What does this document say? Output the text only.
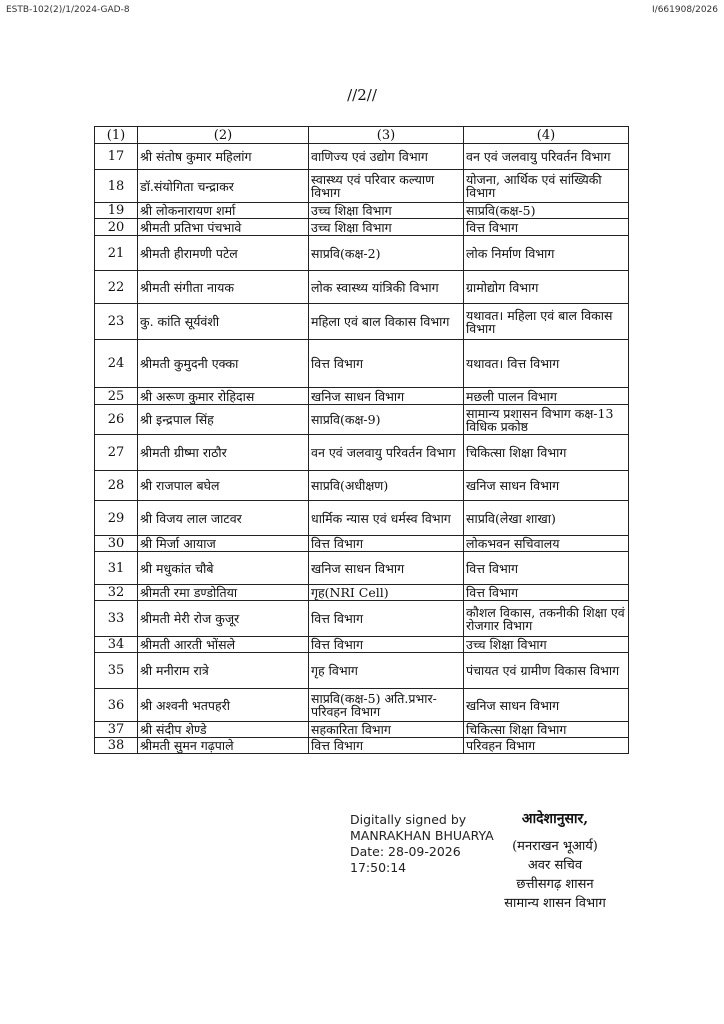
ESTB-102(2)/1/2024-GAD-8	I/661908/2026
//2//
(1)	(2)	(3)	(4)
17	श्री संतोष कुमार महिलांग	वाणिज्य एवं उद्योग विभाग	वन एवं जलवायु परिवर्तन विभाग
18	डॉ.संयोगिता चन्द्राकर	स्वास्थ्य एवं परिवार कल्याण विभाग	योजना, आर्थिक एवं सांख्यिकी विभाग
19	श्री लोकनारायण शर्मा	उच्च शिक्षा विभाग	साप्रवि(कक्ष-5)
20	श्रीमती प्रतिभा पंचभावे	उच्च शिक्षा विभाग	वित्त विभाग
21	श्रीमती हीरामणी पटेल	साप्रवि(कक्ष-2)	लोक निर्माण विभाग
22	श्रीमती संगीता नायक	लोक स्वास्थ्य यांत्रिकी विभाग	ग्रामोद्योग विभाग
23	कु. कांति सूर्यवंशी	महिला एवं बाल विकास विभाग	यथावत। महिला एवं बाल विकास विभाग
24	श्रीमती कुमुदनी एक्का	वित्त विभाग	यथावत। वित्त विभाग
25	श्री अरूण कुमार रोहिदास	खनिज साधन विभाग	मछली पालन विभाग
26	श्री इन्द्रपाल सिंह	साप्रवि(कक्ष-9)	सामान्य प्रशासन विभाग कक्ष-13 विधिक प्रकोष्ठ
27	श्रीमती ग्रीष्मा राठौर	वन एवं जलवायु परिवर्तन विभाग	चिकित्सा शिक्षा विभाग
28	श्री राजपाल बघेल	साप्रवि(अधीक्षण)	खनिज साधन विभाग
29	श्री विजय लाल जाटवर	धार्मिक न्यास एवं धर्मस्व विभाग	साप्रवि(लेखा शाखा)
30	श्री मिर्जा आयाज	वित्त विभाग	लोकभवन सचिवालय
31	श्री मधुकांत चौबे	खनिज साधन विभाग	वित्त विभाग
32	श्रीमती रमा डण्डोतिया	गृह(NRI Cell)	वित्त विभाग
33	श्रीमती मेरी रोज कुजूर	वित्त विभाग	कौशल विकास, तकनीकी शिक्षा एवं रोजगार विभाग
34	श्रीमती आरती भोंसले	वित्त विभाग	उच्च शिक्षा विभाग
35	श्री मनीराम रात्रे	गृह विभाग	पंचायत एवं ग्रामीण विकास विभाग
36	श्री अश्वनी भतपहरी	साप्रवि(कक्ष-5) अति.प्रभार-परिवहन विभाग	खनिज साधन विभाग
37	श्री संदीप शेण्डे	सहकारिता विभाग	चिकित्सा शिक्षा विभाग
38	श्रीमती सुमन गढ़पाले	वित्त विभाग	परिवहन विभाग
Digitally signed by
MANRAKHAN BHUARYA
Date: 28-09-2026
17:50:14
आदेशानुसार,
(मनराखन भूआर्य)
अवर सचिव
छत्तीसगढ़ शासन
सामान्य शासन विभाग
